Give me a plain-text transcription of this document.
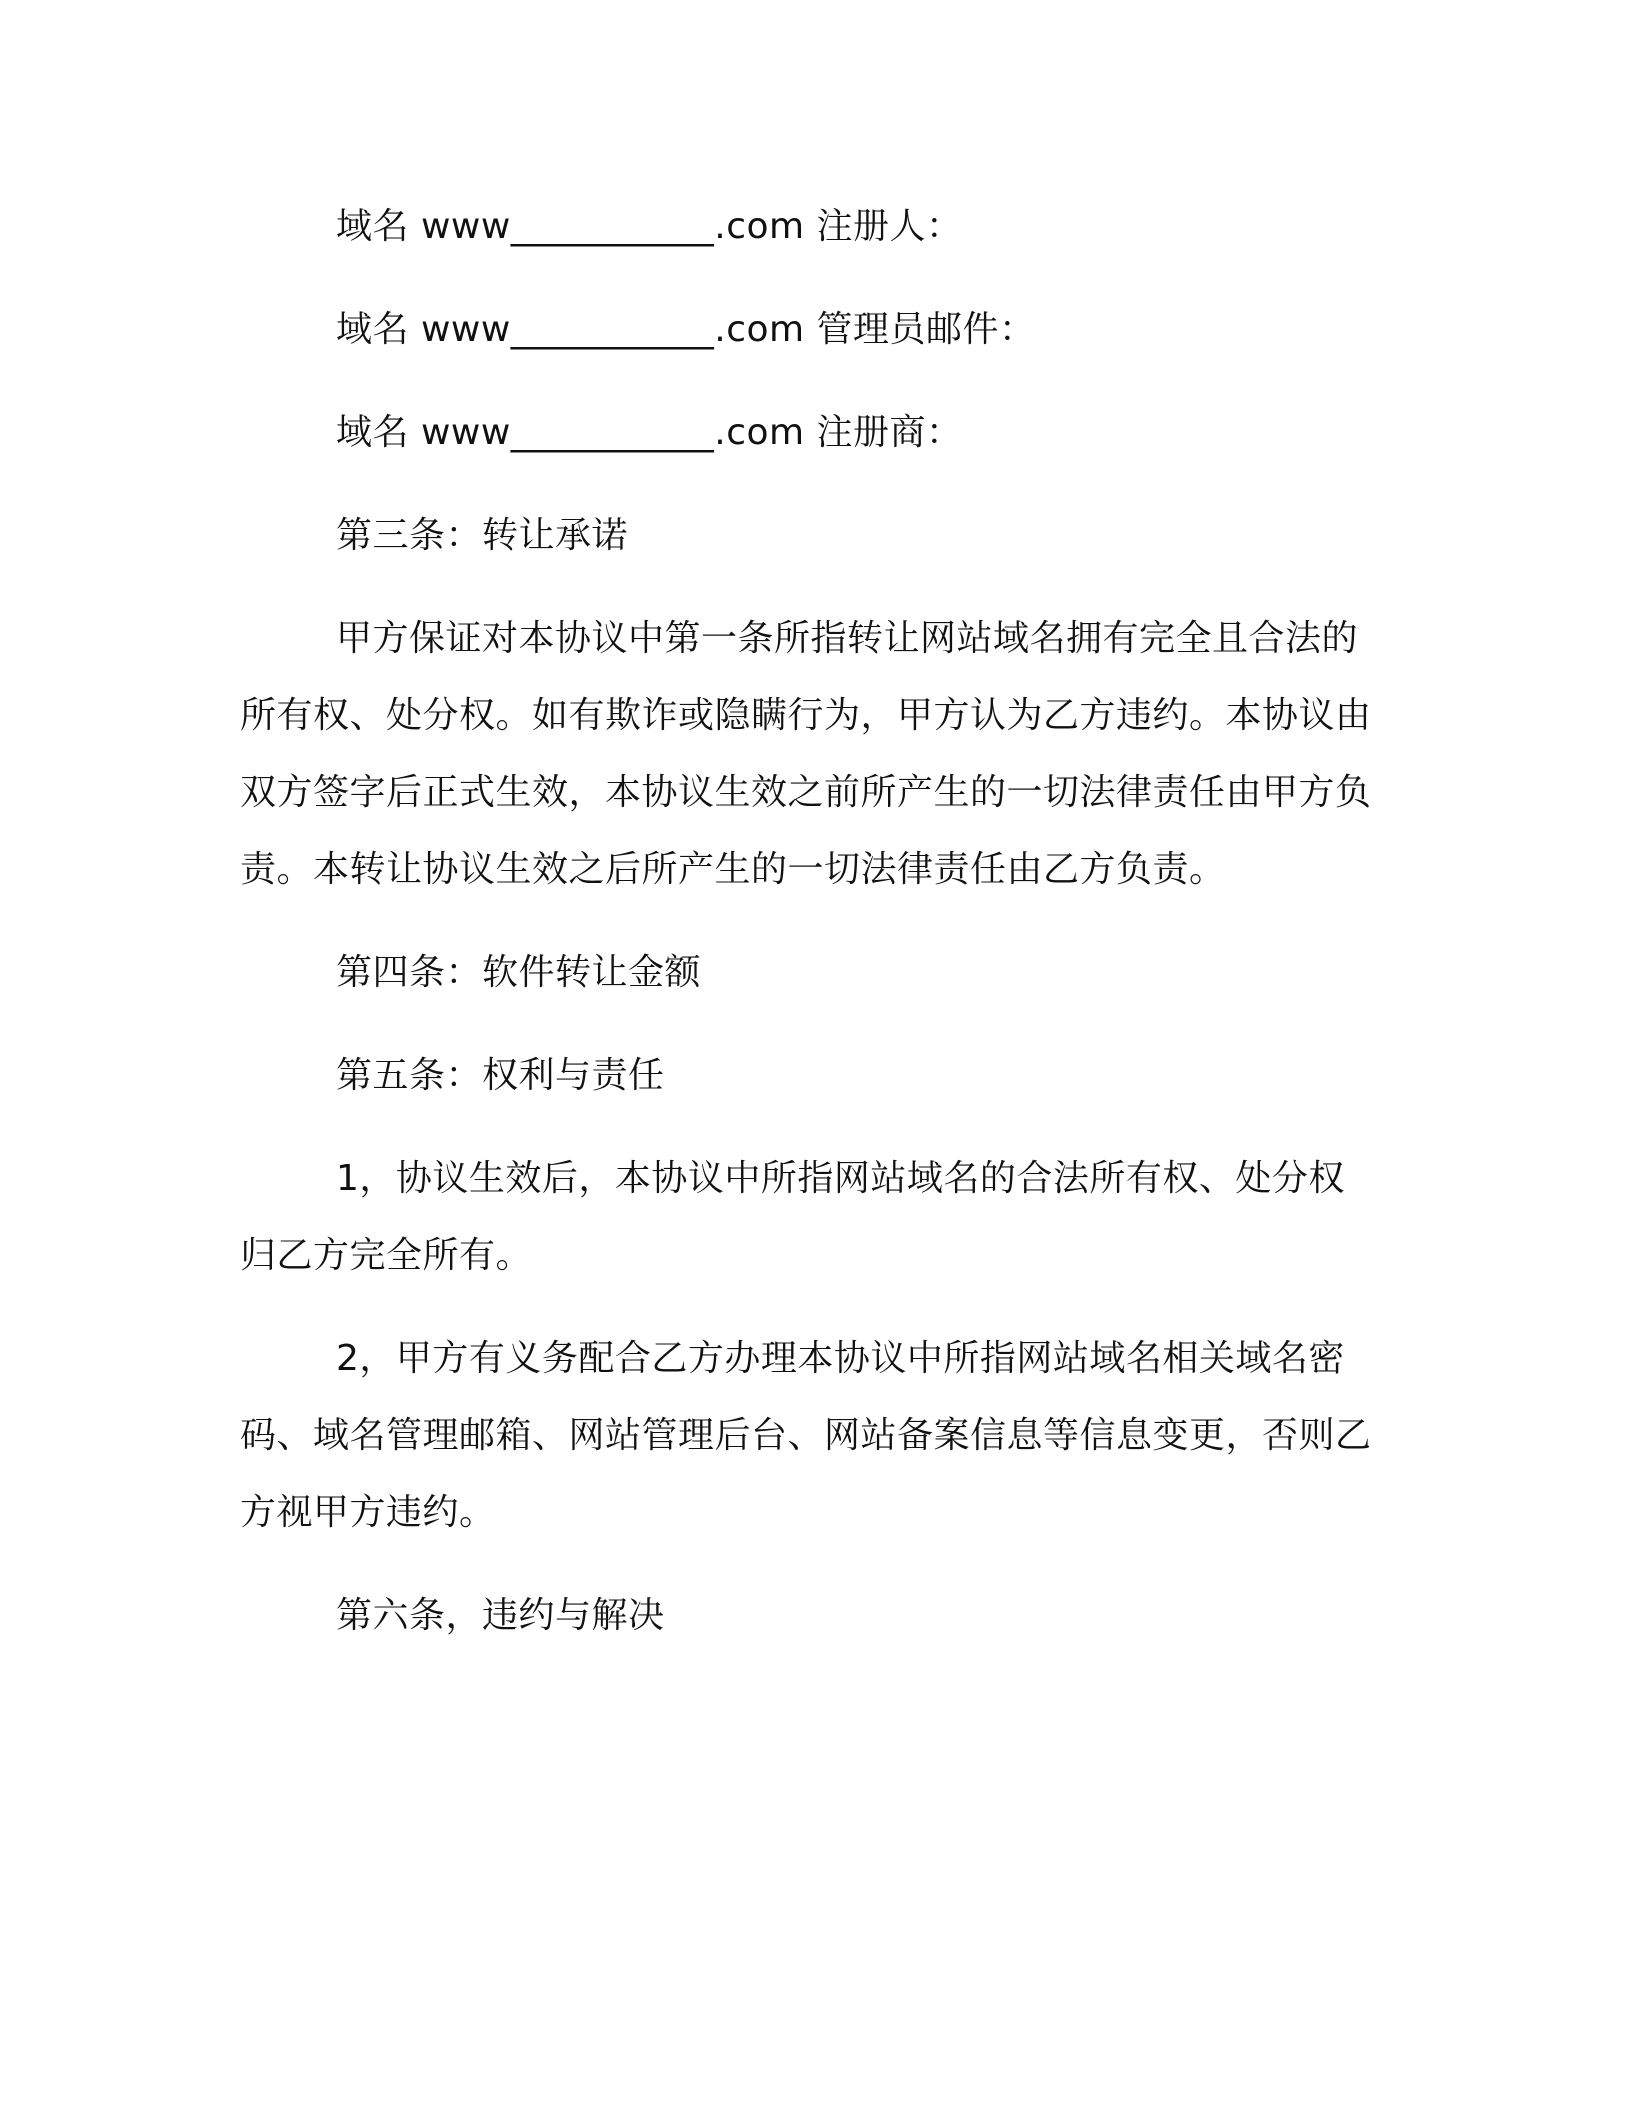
域名 www___________.com 注册人：

域名 www___________.com 管理员邮件：

域名 www___________.com 注册商：

第三条：转让承诺

甲方保证对本协议中第一条所指转让网站域名拥有完全且合法的所有权、处分权。如有欺诈或隐瞒行为，甲方认为乙方违约。本协议由双方签字后正式生效，本协议生效之前所产生的一切法律责任由甲方负责。本转让协议生效之后所产生的一切法律责任由乙方负责。

第四条：软件转让金额

第五条：权利与责任

1，协议生效后，本协议中所指网站域名的合法所有权、处分权归乙方完全所有。

2，甲方有义务配合乙方办理本协议中所指网站域名相关域名密码、域名管理邮箱、网站管理后台、网站备案信息等信息变更，否则乙方视甲方违约。

第六条，违约与解决
